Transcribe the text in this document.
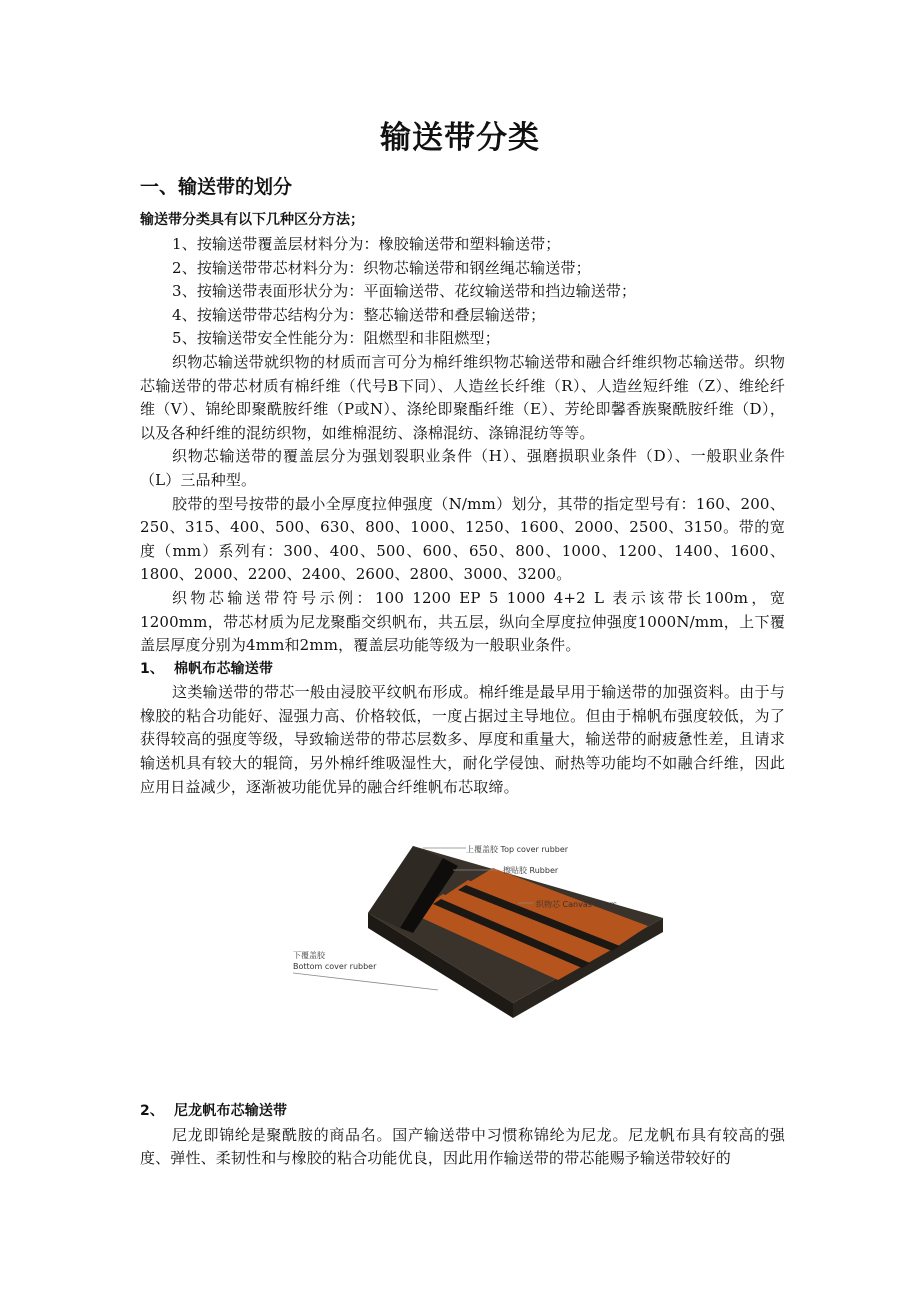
输送带分类
一、输送带的划分
输送带分类具有以下几种区分方法；

1、按输送带覆盖层材料分为：橡胶输送带和塑料输送带；

2、按输送带带芯材料分为：织物芯输送带和钢丝绳芯输送带；

3、按输送带表面形状分为：平面输送带、花纹输送带和挡边输送带；

4、按输送带带芯结构分为：整芯输送带和叠层输送带；

5、按输送带安全性能分为：阻燃型和非阻燃型；

织物芯输送带就织物的材质而言可分为棉纤维织物芯输送带和融合纤维织物芯输送带。织物芯输送带的带芯材质有棉纤维（代号B下同）、人造丝长纤维（R）、人造丝短纤维（Z）、维纶纤维（V）、锦纶即聚酰胺纤维（P或N）、涤纶即聚酯纤维（E）、芳纶即馨香族聚酰胺纤维（D），以及各种纤维的混纺织物，如维棉混纺、涤棉混纺、涤锦混纺等等。

织物芯输送带的覆盖层分为强划裂职业条件（H）、强磨损职业条件（D）、一般职业条件（L）三品种型。

胶带的型号按带的最小全厚度拉伸强度（N/mm）划分，其带的指定型号有：160、200、250、315、400、500、630、800、1000、1250、1600、2000、2500、3150。带的宽度（mm）系列有：300、400、500、600、650、800、1000、1200、1400、1600、1800、2000、2200、2400、2600、2800、3000、3200。

织物芯输送带符号示例：100 1200 EP 5 1000 4+2 L 表示该带长100m，宽1200mm，带芯材质为尼龙聚酯交织帆布，共五层，纵向全厚度拉伸强度1000N/mm，上下覆盖层厚度分别为4mm和2mm，覆盖层功能等级为一般职业条件。

1、 棉帆布芯输送带

这类输送带的带芯一般由浸胶平纹帆布形成。棉纤维是最早用于输送带的加强资料。由于与橡胶的粘合功能好、湿强力高、价格较低，一度占据过主导地位。但由于棉帆布强度较低，为了获得较高的强度等级，导致输送带的带芯层数多、厚度和重量大，输送带的耐疲惫性差，且请求输送机具有较大的辊筒，另外棉纤维吸湿性大，耐化学侵蚀、耐热等功能均不如融合纤维，因此应用日益减少，逐渐被功能优异的融合纤维帆布芯取缔。

上覆盖胶 Top cover rubber
擦贴胶 Rubber
织物芯 Canvas fibers
下覆盖胶
Bottom cover rubber
2、 尼龙帆布芯输送带

尼龙即锦纶是聚酰胺的商品名。国产输送带中习惯称锦纶为尼龙。尼龙帆布具有较高的强度、弹性、柔韧性和与橡胶的粘合功能优良，因此用作输送带的带芯能赐予输送带较好的
